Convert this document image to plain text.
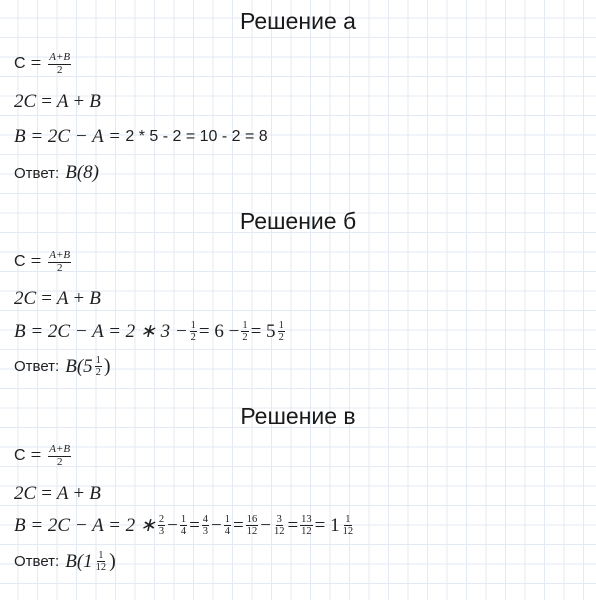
Решение а
$C = \frac{A+B}{2}$
2C = A + B
B = 2C − A = 2 * 5 - 2 = 10 - 2 = 8
Ответ: B(8)
Решение б
$C = \frac{A+B}{2}$
2C = A + B
B = 2C − A = 2 ∗ $3 - \frac{1}{2} = 6 - \frac{1}{2} = 5 \frac{1}{2}$
Ответ: $B(5 \frac{1}{2}$ )
Решение в
$C = \frac{A+B}{2}$
2C = A + B
B = 2C − A = 2 ∗ $\frac{2}{3} - \frac{1}{4} = \frac{4}{3} - \frac{1}{4} = \frac{16}{12} - \frac{3}{12} = \frac{13}{12} = 1 \frac{1}{12}$
Ответ: $B(1 \frac{1}{12}$ )
